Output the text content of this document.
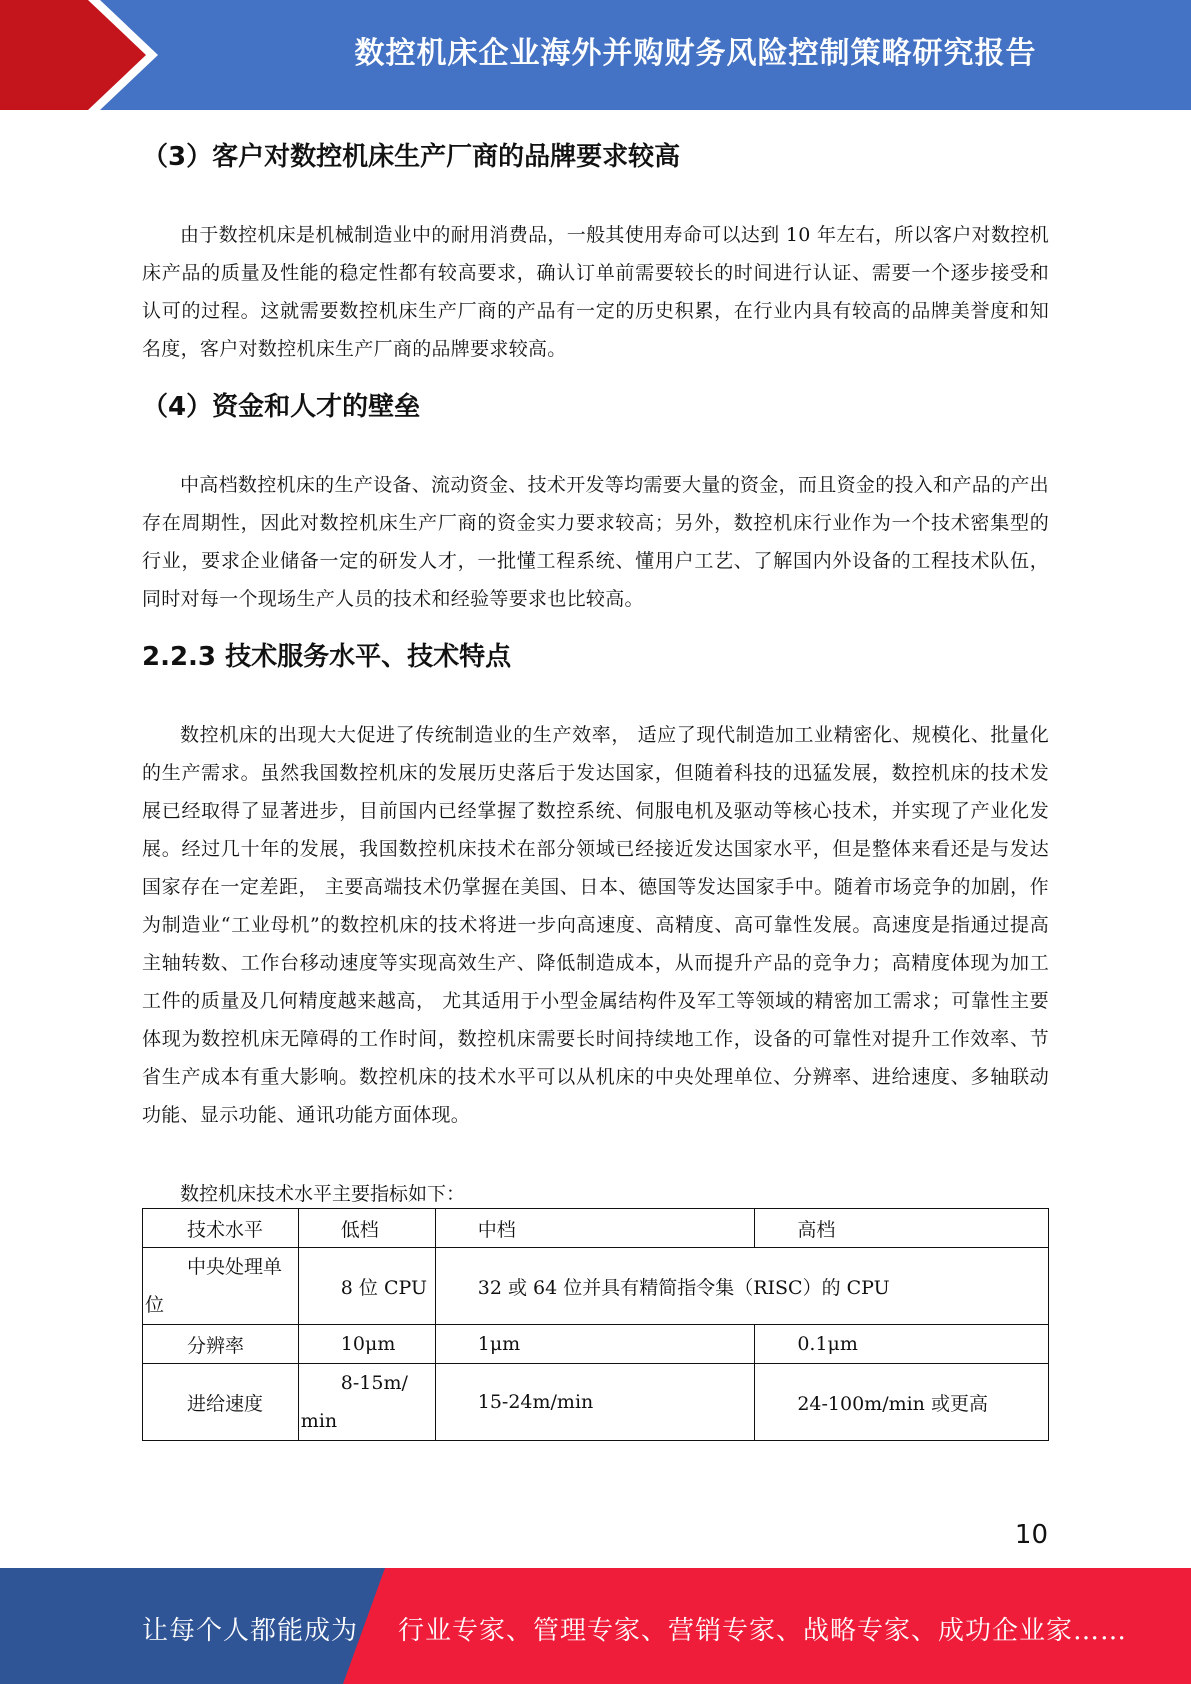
数控机床企业海外并购财务风险控制策略研究报告
（3）客户对数控机床生产厂商的品牌要求较高

由于数控机床是机械制造业中的耐用消费品，一般其使用寿命可以达到 10 年左右，所以客户对数控机床产品的质量及性能的稳定性都有较高要求，确认订单前需要较长的时间进行认证、需要一个逐步接受和认可的过程。这就需要数控机床生产厂商的产品有一定的历史积累，在行业内具有较高的品牌美誉度和知名度，客户对数控机床生产厂商的品牌要求较高。

（4）资金和人才的壁垒

中高档数控机床的生产设备、流动资金、技术开发等均需要大量的资金，而且资金的投入和产品的产出存在周期性，因此对数控机床生产厂商的资金实力要求较高；另外，数控机床行业作为一个技术密集型的行业，要求企业储备一定的研发人才，一批懂工程系统、懂用户工艺、了解国内外设备的工程技术队伍，同时对每一个现场生产人员的技术和经验等要求也比较高。

2.2.3 技术服务水平、技术特点

数控机床的出现大大促进了传统制造业的生产效率， 适应了现代制造加工业精密化、规模化、批量化的生产需求。虽然我国数控机床的发展历史落后于发达国家，但随着科技的迅猛发展，数控机床的技术发展已经取得了显著进步，目前国内已经掌握了数控系统、伺服电机及驱动等核心技术，并实现了产业化发展。经过几十年的发展，我国数控机床技术在部分领域已经接近发达国家水平，但是整体来看还是与发达国家存在一定差距， 主要高端技术仍掌握在美国、日本、德国等发达国家手中。随着市场竞争的加剧，作为制造业“工业母机”的数控机床的技术将进一步向高速度、高精度、高可靠性发展。高速度是指通过提高主轴转数、工作台移动速度等实现高效生产、降低制造成本，从而提升产品的竞争力；高精度体现为加工工件的质量及几何精度越来越高， 尤其适用于小型金属结构件及军工等领域的精密加工需求；可靠性主要体现为数控机床无障碍的工作时间，数控机床需要长时间持续地工作，设备的可靠性对提升工作效率、节省生产成本有重大影响。数控机床的技术水平可以从机床的中央处理单位、分辨率、进给速度、多轴联动功能、显示功能、通讯功能方面体现。

数控机床技术水平主要指标如下：
技术水平	低档	中档	高档

中央处理单位	8 位 CPU	32 或 64 位并具有精简指令集（RISC）的 CPU	

分辨率	10μm	1μm	0.1μm

进给速度	8-15m/min	15-24m/min	24-100m/min 或更高
10
让每个人都能成为 行业专家、管理专家、营销专家、战略专家、成功企业家……
